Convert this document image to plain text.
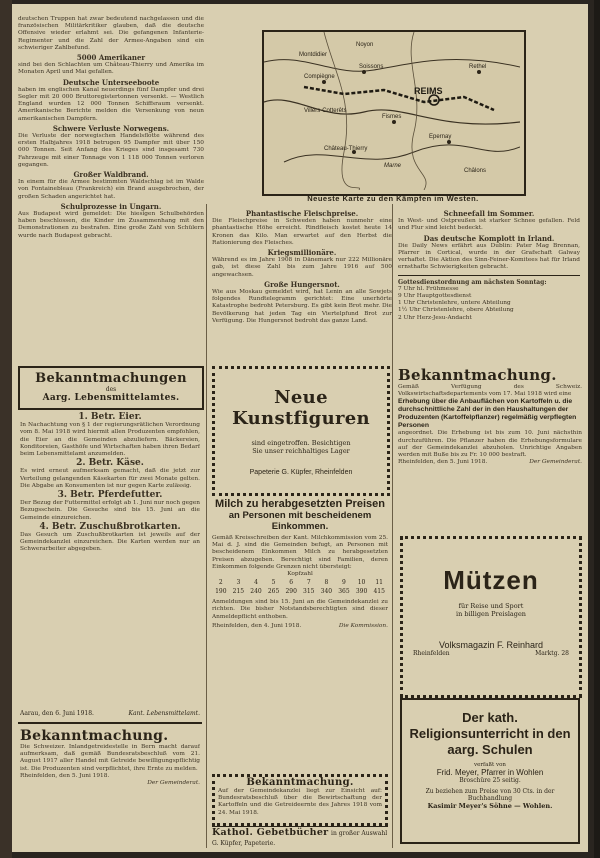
deutschen Truppen hat zwar bedeutend nachgelassen und die französischen Militärkritiker glauben, daß die deutsche Offensive wieder erlahmt sei. Die gefangenen Infanterie-Regimenter und die Zahl der Armee-Angaben sind ein schwieriger Zahlbefund.

5000 Amerikaner

sind bei den Schlachten um Château-Thierry und Amerika im Monaten April und Mai gefallen.

Deutsche Unterseeboote

haben im englischen Kanal neuerdings fünf Dampfer und drei Segler mit 20 000 Bruttoregistertonnen versenkt. — Westlich England wurden 12 000 Tonnen Schiffsraum versenkt. Amerikanische Berichte melden die Versenkung von neun amerikanischen Dampfern.

Schwere Verluste Norwegens.

Die Verluste der norwegischen Handelsflotte während des ersten Halbjahres 1918 betrugen 95 Dampfer mit über 150 000 Tonnen. Seit Anfang des Krieges sind insgesamt 730 Fahrzeuge mit einer Tonnage von 1 118 000 Tonnen verloren gegangen.

Großer Waldbrand.

In einem für die Armee bestimmten Waldschlag ist im Walde von Fontainebleau (Frankreich) ein Brand ausgebrochen, der großen Schaden angerichtet hat.

Schulprozesse in Ungarn.

Aus Budapest wird gemeldet: Die hiesigen Schulbehörden haben beschlossen, die Kinder im Zusammenhang mit den Demonstrationen zu bestrafen. Eine große Zahl von Schülern wurde nach Budapest gebracht.

Montdidier
Noyon
Compiègne
Soissons
REIMS
Rethel
Fismes
Château-Thierry
Epernay
Villers-Cotterêts
Châlons
Marne
Neueste Karte zu den Kämpfen im Westen.
Phantastische Fleischpreise.

Die Fleischpreise in Schweden haben nunmehr eine phantastische Höhe erreicht. Rindfleisch kostet heute 14 Kronen das Kilo. Man erwartet auf den Herbst die Rationierung des Fleisches.

Kriegsmillionäre.

Während es im Jahre 1908 in Dänemark nur 222 Millionäre gab, ist diese Zahl bis zum Jahre 1916 auf 500 angewachsen.

Große Hungersnot.

Wie aus Moskau gemeldet wird, hat Lenin an alle Sowjets folgendes Rundtelegramm gerichtet: Eine unerhörte Katastrophe bedroht Petersburg. Es gibt kein Brot mehr. Die Bevölkerung hat jeden Tag ein Viertelpfund Brot zur Verfügung. Die Hungersnot bedroht das ganze Land.

Schneefall im Sommer.

In West- und Ostpreußen ist starker Schnee gefallen. Feld und Flur sind leicht bedeckt.

Das deutsche Komplott in Irland.

Die Daily News erfährt aus Dublin: Pater Mag Brennan, Pfarrer in Cortical, wurde in der Grafschaft Galway verhaftet. Die Aktion des Sinn-Feiner-Komitees hat für Irland ernsthafte Schwierigkeiten gebracht.

Gottesdienstordnung am nächsten Sonntag:
7 Uhr hl. Frühmesse
9 Uhr Hauptgottesdienst
1 Uhr Christenlehre, untere Abteilung
1½ Uhr Christenlehre, obere Abteilung
2 Uhr Herz-Jesu-Andacht
Bekanntmachungen
des
Aarg. Lebensmittelamtes.
1. Betr. Eier.

In Nachachtung von § 1 der regierungsrätlichen Verordnung vom 8. Mai 1918 wird hiermit allen Produzenten empfohlen, die Eier an die Gemeinden abzuliefern. Bäckereien, Konditoreien, Gasthöfe und Wirtschaften haben ihren Bedarf beim Lebensmittelamt anzumelden.

2. Betr. Käse.

Es wird erneut aufmerksam gemacht, daß die jetzt zur Verteilung gelangenden Käsekarten für zwei Monate gelten. Die Abgabe an Konsumenten ist nur gegen Karte zulässig.

3. Betr. Pferdefutter.

Der Bezug der Futtermittel erfolgt ab 1. Juni nur noch gegen Bezugsschein. Die Gesuche sind bis 15. Juni an die Gemeinde einzureichen.

4. Betr. Zuschußbrotkarten.

Das Gesuch um Zuschußbrotkarten ist jeweils auf der Gemeindekanzlei einzureichen. Die Karten werden nur an Schwerarbeiter abgegeben.

Aarau, den 6. Juni 1918.	Kant. Lebensmittelamt.
Bekanntmachung.

Die Schweizer. Inlandgetreidestelle in Bern macht darauf aufmerksam, daß gemäß Bundesratsbeschluß vom 21. August 1917 aller Handel mit Getreide bewilligungspflichtig ist. Die Produzenten sind verpflichtet, ihre Ernte zu melden.

Rheinfelden, den 5. Juni 1918.
Der Gemeinderat.
Neue Kunstfiguren
sind eingetroffen. Besichtigen
Sie unser reichhaltiges Lager
Papeterie G. Küpfer, Rheinfelden
Milch zu herabgesetzten Preisen
an Personen mit bescheidenem Einkommen.

Gemäß Kreisschreiben der Kant. Milchkommission vom 25. Mai d. J. sind die Gemeinden befugt, an Personen mit bescheidenem Einkommen Milch zu herabgesetzten Preisen abzugeben. Berechtigt sind Familien, deren Einkommen folgende Grenzen nicht übersteigt:

Kopfzahl
2	3	4	5	6	7	8	9	10	11
190	215	240	265	290	315	340	365	390	415

Anmeldungen sind bis 15. Juni an die Gemeindekanzlei zu richten. Die bisher Notstandsberechtigten sind dieser Anmeldepflicht enthoben.

Rheinfelden, den 4. Juni 1918.	Die Kommission.
Bekanntmachung.

Auf der Gemeindekanzlei liegt zur Einsicht auf: Bundesratsbeschluß über die Bewirtschaftung der Kartoffeln und die Getreideernte des Jahres 1918 vom 24. Mai 1918.

Kathol. Gebetbücher in großer Auswahl G. Küpfer, Papeterie.
Bekanntmachung.

Gemäß Verfügung des Schweiz. Volkswirtschaftsdepartements vom 17. Mai 1918 wird eine

Erhebung über die Anbauflächen von Kartoffeln u. die durchschnittliche Zahl der in den Haushaltungen der Produzenten (Kartoffelpflanzer) regelmäßig verpflegten Personen

angeordnet. Die Erhebung ist bis zum 10. Juni nächsthin durchzuführen. Die Pflanzer haben die Erhebungsformulare auf der Gemeindekanzlei abzuholen. Unrichtige Angaben werden mit Buße bis zu Fr. 10 000 bestraft.

Rheinfelden, den 5. Juni 1918.	Der Gemeinderat.
Mützen
für Reise und Sport
in billigen Preislagen
Volksmagazin F. Reinhard
Rheinfelden	Marktg. 28
Der kath. Religionsunterricht in den aarg. Schulen
verfaßt von
Frid. Meyer, Pfarrer in Wohlen
Broschüre 25 seitig.
Zu beziehen zum Preise von 30 Cts. in der
Buchhandlung
Kasimir Meyer's Söhne — Wohlen.
